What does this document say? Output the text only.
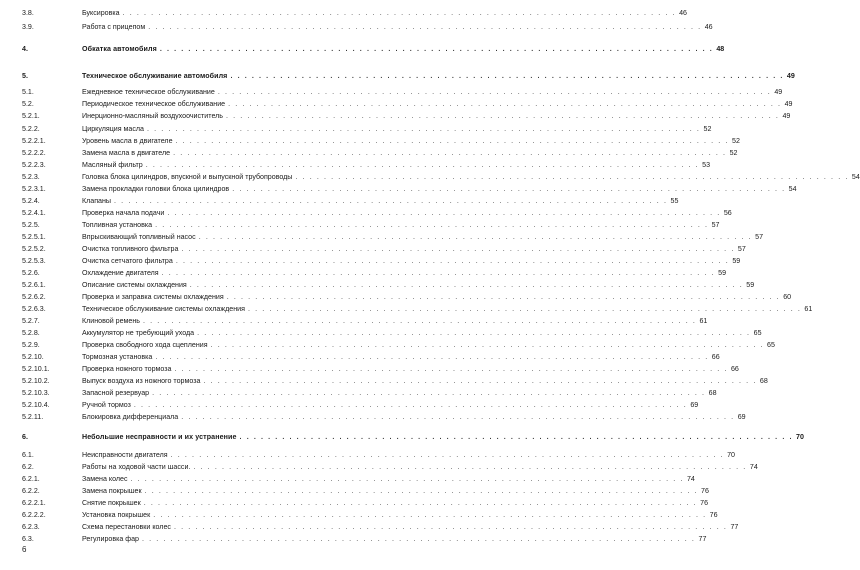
3.8.	Буксировка . . .	46
3.9.	Работа с прицепом . . .	46
4.	Обкатка автомобиля . . .	48
5.	Техническое обслуживание автомобиля . . .	49
5.1.	Ежедневное техническое обслуживание . . .	49
5.2.	Периодическое техническое обслуживание . . .	49
5.2.1.	Инерционно-масляный воздухоочиститель . . .	49
5.2.2.	Циркуляция масла . . .	52
5.2.2.1.	Уровень масла в двигателе . . .	52
5.2.2.2.	Замена масла в двигателе . . .	52
5.2.2.3.	Масляный фильтр . . .	53
5.2.3.	Головка блока цилиндров, впускной и выпускной трубопроводы . . .	54
5.2.3.1.	Замена прокладки головки блока цилиндров . . .	54
5.2.4.	Клапаны . . .	55
5.2.4.1.	Проверка начала подачи . . .	56
5.2.5.	Топливная установка . . .	57
5.2.5.1.	Впрыскивающий топливный насос . . .	57
5.2.5.2.	Очистка топливного фильтра . . .	57
5.2.5.3.	Очистка сетчатого фильтра . . .	59
5.2.6.	Охлаждение двигателя . . .	59
5.2.6.1.	Описание системы охлаждения . . .	59
5.2.6.2.	Проверка и заправка системы охлаждения . . .	60
5.2.6.3.	Техническое обслуживание системы охлаждения . . .	61
5.2.7.	Клиновой ремень . . .	61
5.2.8.	Аккумулятор не требующий ухода . . .	65
5.2.9.	Проверка свободного хода сцепления . . .	65
5.2.10.	Тормозная установка . . .	66
5.2.10.1.	Проверка ножного тормоза . . .	66
5.2.10.2.	Выпуск воздуха из ножного тормоза . . .	68
5.2.10.3.	Запасной резервуар . . .	68
5.2.10.4.	Ручной тормоз . . .	69
5.2.11.	Блокировка дифференциала . . .	69
6.	Небольшие несправности и их устранение . . .	70
6.1.	Неисправности двигателя . . .	70
6.2.	Работы на ходовой части шасси. . . .	74
6.2.1.	Замена колес . . .	74
6.2.2.	Замена покрышек . . .	76
6.2.2.1.	Снятие покрышек . . .	76
6.2.2.2.	Установка покрышек . . .	76
6.2.3.	Схема перестановки колес . . .	77
6.3.	Регулировка фар . . .	77
6
